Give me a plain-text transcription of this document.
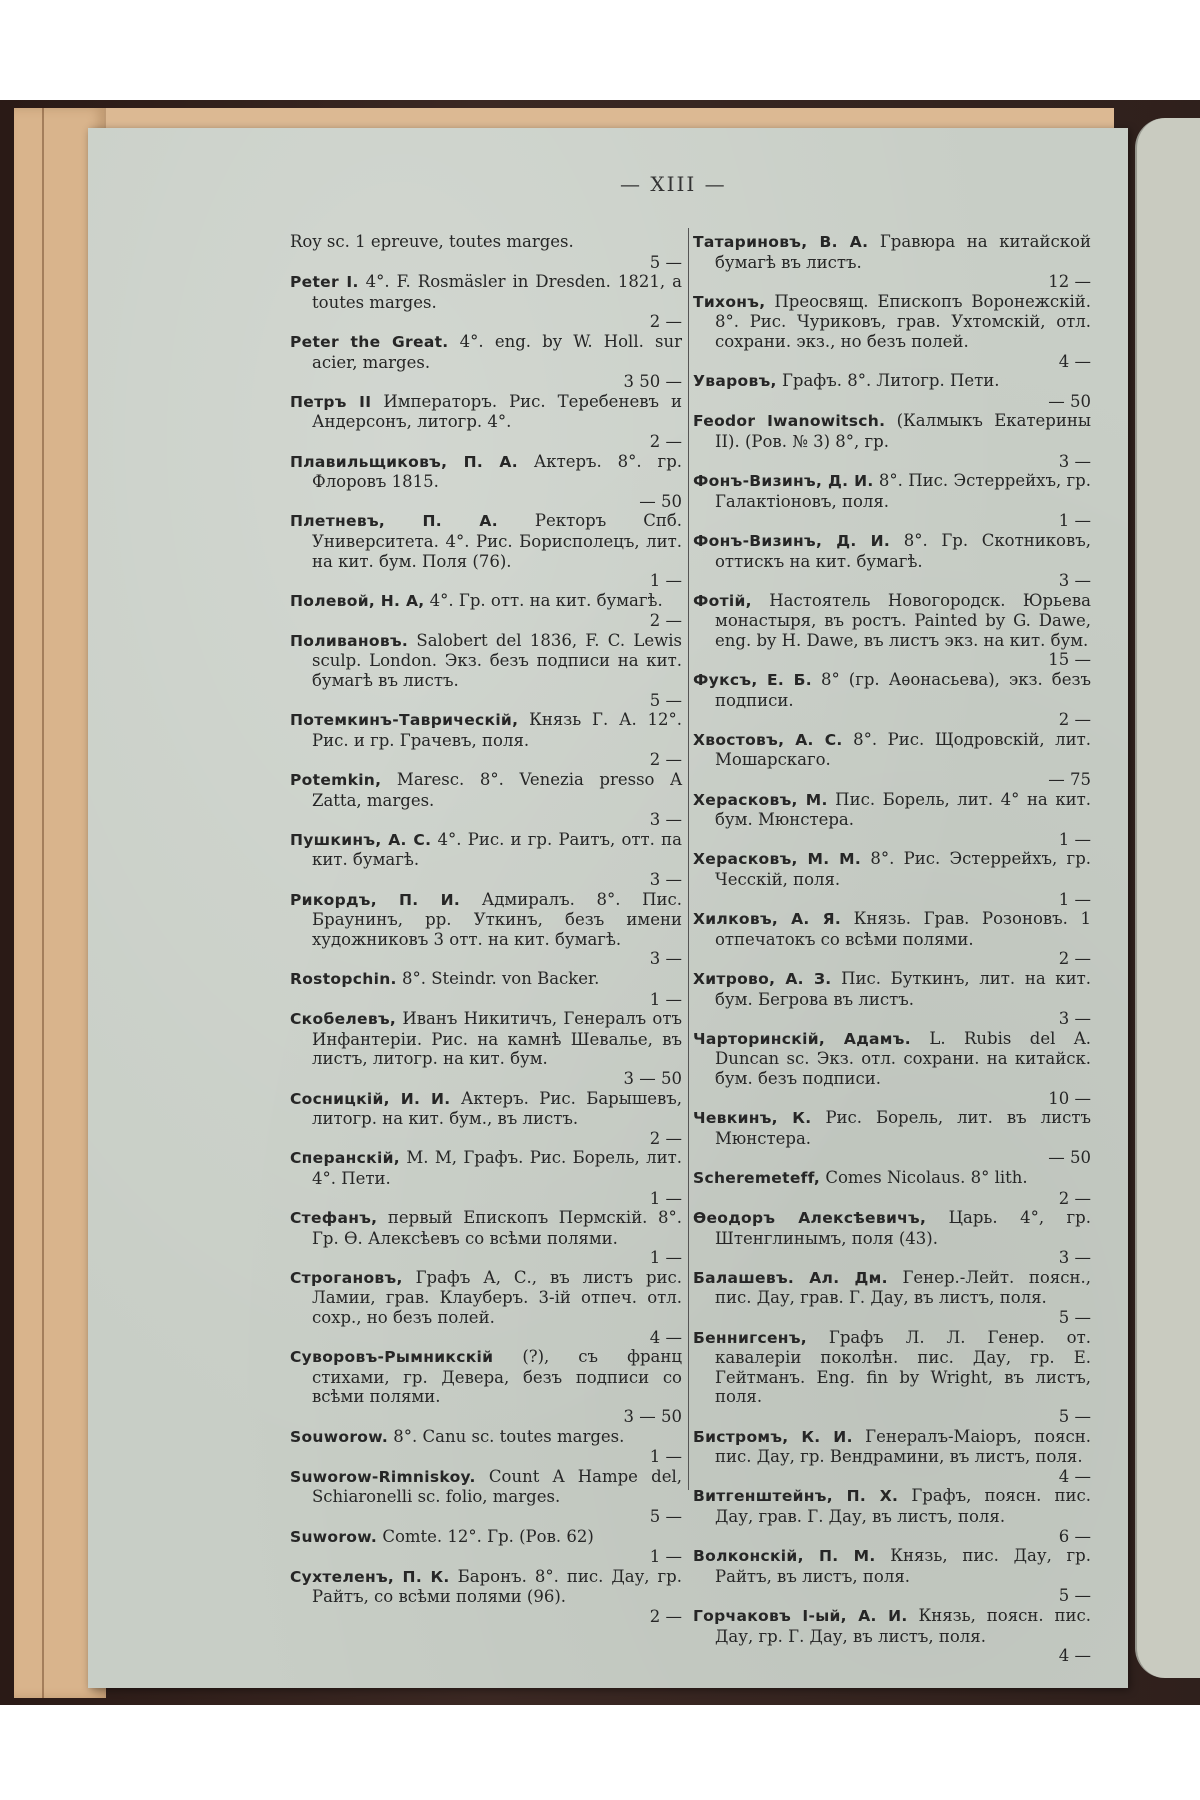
— XIII —
Roy sc. 1 epreuve, toutes marges.
5 —
Peter I. 4°. F. Rosmäsler in Dresden. 1821, a toutes marges.
2 —
Peter the Great. 4°. eng. by W. Holl. sur acier, marges.
3 50 —
Петръ II Императоръ. Рис. Теребеневъ и Андерсонъ, литогр. 4°.
2 —
Плавильщиковъ, П. А. Актеръ. 8°. гр. Флоровъ 1815.
— 50
Плетневъ, П. А. Ректоръ Спб. Университета. 4°. Рис. Борисполецъ, лит. на кит. бум. Поля (76).
1 —
Полевой, Н. А, 4°. Гр. отт. на кит. бумагѣ.
2 —
Поливановъ. Salobert del 1836, F. C. Lewis sculp. London. Экз. безъ подписи на кит. бумагѣ въ листъ.
5 —
Потемкинъ-Таврическій, Князь Г. А. 12°. Рис. и гр. Грачевъ, поля.
2 —
Potemkin, Maresc. 8°. Venezia presso A Zatta, marges.
3 —
Пушкинъ, А. С. 4°. Рис. и гр. Раитъ, отт. па кит. бумагѣ.
3 —
Рикордъ, П. И. Адмиралъ. 8°. Пис. Браунинъ, рр. Уткинъ, безъ имени художниковъ 3 отт. на кит. бумагѣ.
3 —
Rostopchin. 8°. Steindr. von Backer.
1 —
Скобелевъ, Иванъ Никитичъ, Генералъ отъ Инфантеріи. Рис. на камнѣ Шевалье, въ листъ, литогр. на кит. бум.
3 — 50
Сосницкій, И. И. Актеръ. Рис. Барышевъ, литогр. на кит. бум., въ листъ.
2 —
Сперанскій, М. М, Графъ. Рис. Борель, лит. 4°. Пети.
1 —
Стефанъ, первый Епископъ Пермскій. 8°. Гр. Ѳ. Алексѣевъ со всѣми полями.
1 —
Строгановъ, Графъ А, С., въ листъ рис. Ламии, грав. Клауберъ. 3-ій отпеч. отл. сохр., но безъ полей.
4 —
Суворовъ-Рымникскій (?), съ франц стихами, гр. Девера, безъ подписи со всѣми полями.
3 — 50
Souworow. 8°. Canu sc. toutes marges.
1 —
Suworow-Rimniskoy. Count A Hampe del, Schiaronelli sc. folio, marges.
5 —
Suworow. Comte. 12°. Гр. (Ров. 62)
1 —
Сухтеленъ, П. К. Баронъ. 8°. пис. Дау, гр. Райтъ, со всѣми полями (96).
2 —
Татариновъ, В. А. Гравюра на китайской бумагѣ въ листъ.
12 —
Тихонъ, Преосвящ. Епископъ Воронежскій. 8°. Рис. Чуриковъ, грав. Ухтомскій, отл. сохрани. экз., но безъ полей.
4 —
Уваровъ, Графъ. 8°. Литогр. Пети.
— 50
Feodor Iwanowitsch. (Калмыкъ Екатерины II). (Ров. № 3) 8°, гр.
3 —
Фонъ-Визинъ, Д. И. 8°. Пис. Эстеррейхъ, гр. Галактіоновъ, поля.
1 —
Фонъ-Визинъ, Д. И. 8°. Гр. Скотниковъ, оттискъ на кит. бумагѣ.
3 —
Фотій, Настоятель Новогородск. Юрьева монастыря, въ ростъ. Painted by G. Dawe, eng. by H. Dawe, въ листъ экз. на кит. бум.
15 —
Фуксъ, Е. Б. 8° (гр. Аѳонасьева), экз. безъ подписи.
2 —
Хвостовъ, А. С. 8°. Рис. Щодровскій, лит. Мошарскаго.
— 75
Херасковъ, М. Пис. Борель, лит. 4° на кит. бум. Мюнстера.
1 —
Херасковъ, М. М. 8°. Рис. Эстеррейхъ, гр. Чесскій, поля.
1 —
Хилковъ, А. Я. Князь. Грав. Розоновъ. 1 отпечатокъ со всѣми полями.
2 —
Хитрово, А. З. Пис. Буткинъ, лит. на кит. бум. Бегрова въ листъ.
3 —
Чарторинскій, Адамъ. L. Rubis del A. Duncan sc. Экз. отл. сохрани. на китайск. бум. безъ подписи.
10 —
Чевкинъ, К. Рис. Борель, лит. въ листъ Мюнстера.
— 50
Scheremeteff, Comes Nicolaus. 8° lith.
2 —
Ѳеодоръ Алексѣевичъ, Царь. 4°, гр. Штенглинымъ, поля (43).
3 —
Балашевъ. Ал. Дм. Генер.-Лейт. поясн., пис. Дау, грав. Г. Дау, въ листъ, поля.
5 —
Беннигсенъ, Графъ Л. Л. Генер. от. кавалеріи поколѣн. пис. Дау, гр. Е. Гейтманъ. Eng. fin by Wright, въ листъ, поля.
5 —
Бистромъ, К. И. Генералъ-Маіоръ, поясн. пис. Дау, гр. Вендрамини, въ листъ, поля.
4 —
Витгенштейнъ, П. Х. Графъ, поясн. пис. Дау, грав. Г. Дау, въ листъ, поля.
6 —
Волконскій, П. М. Князь, пис. Дау, гр. Райтъ, въ листъ, поля.
5 —
Горчаковъ I-ый, А. И. Князь, поясн. пис. Дау, гр. Г. Дау, въ листъ, поля.
4 —
